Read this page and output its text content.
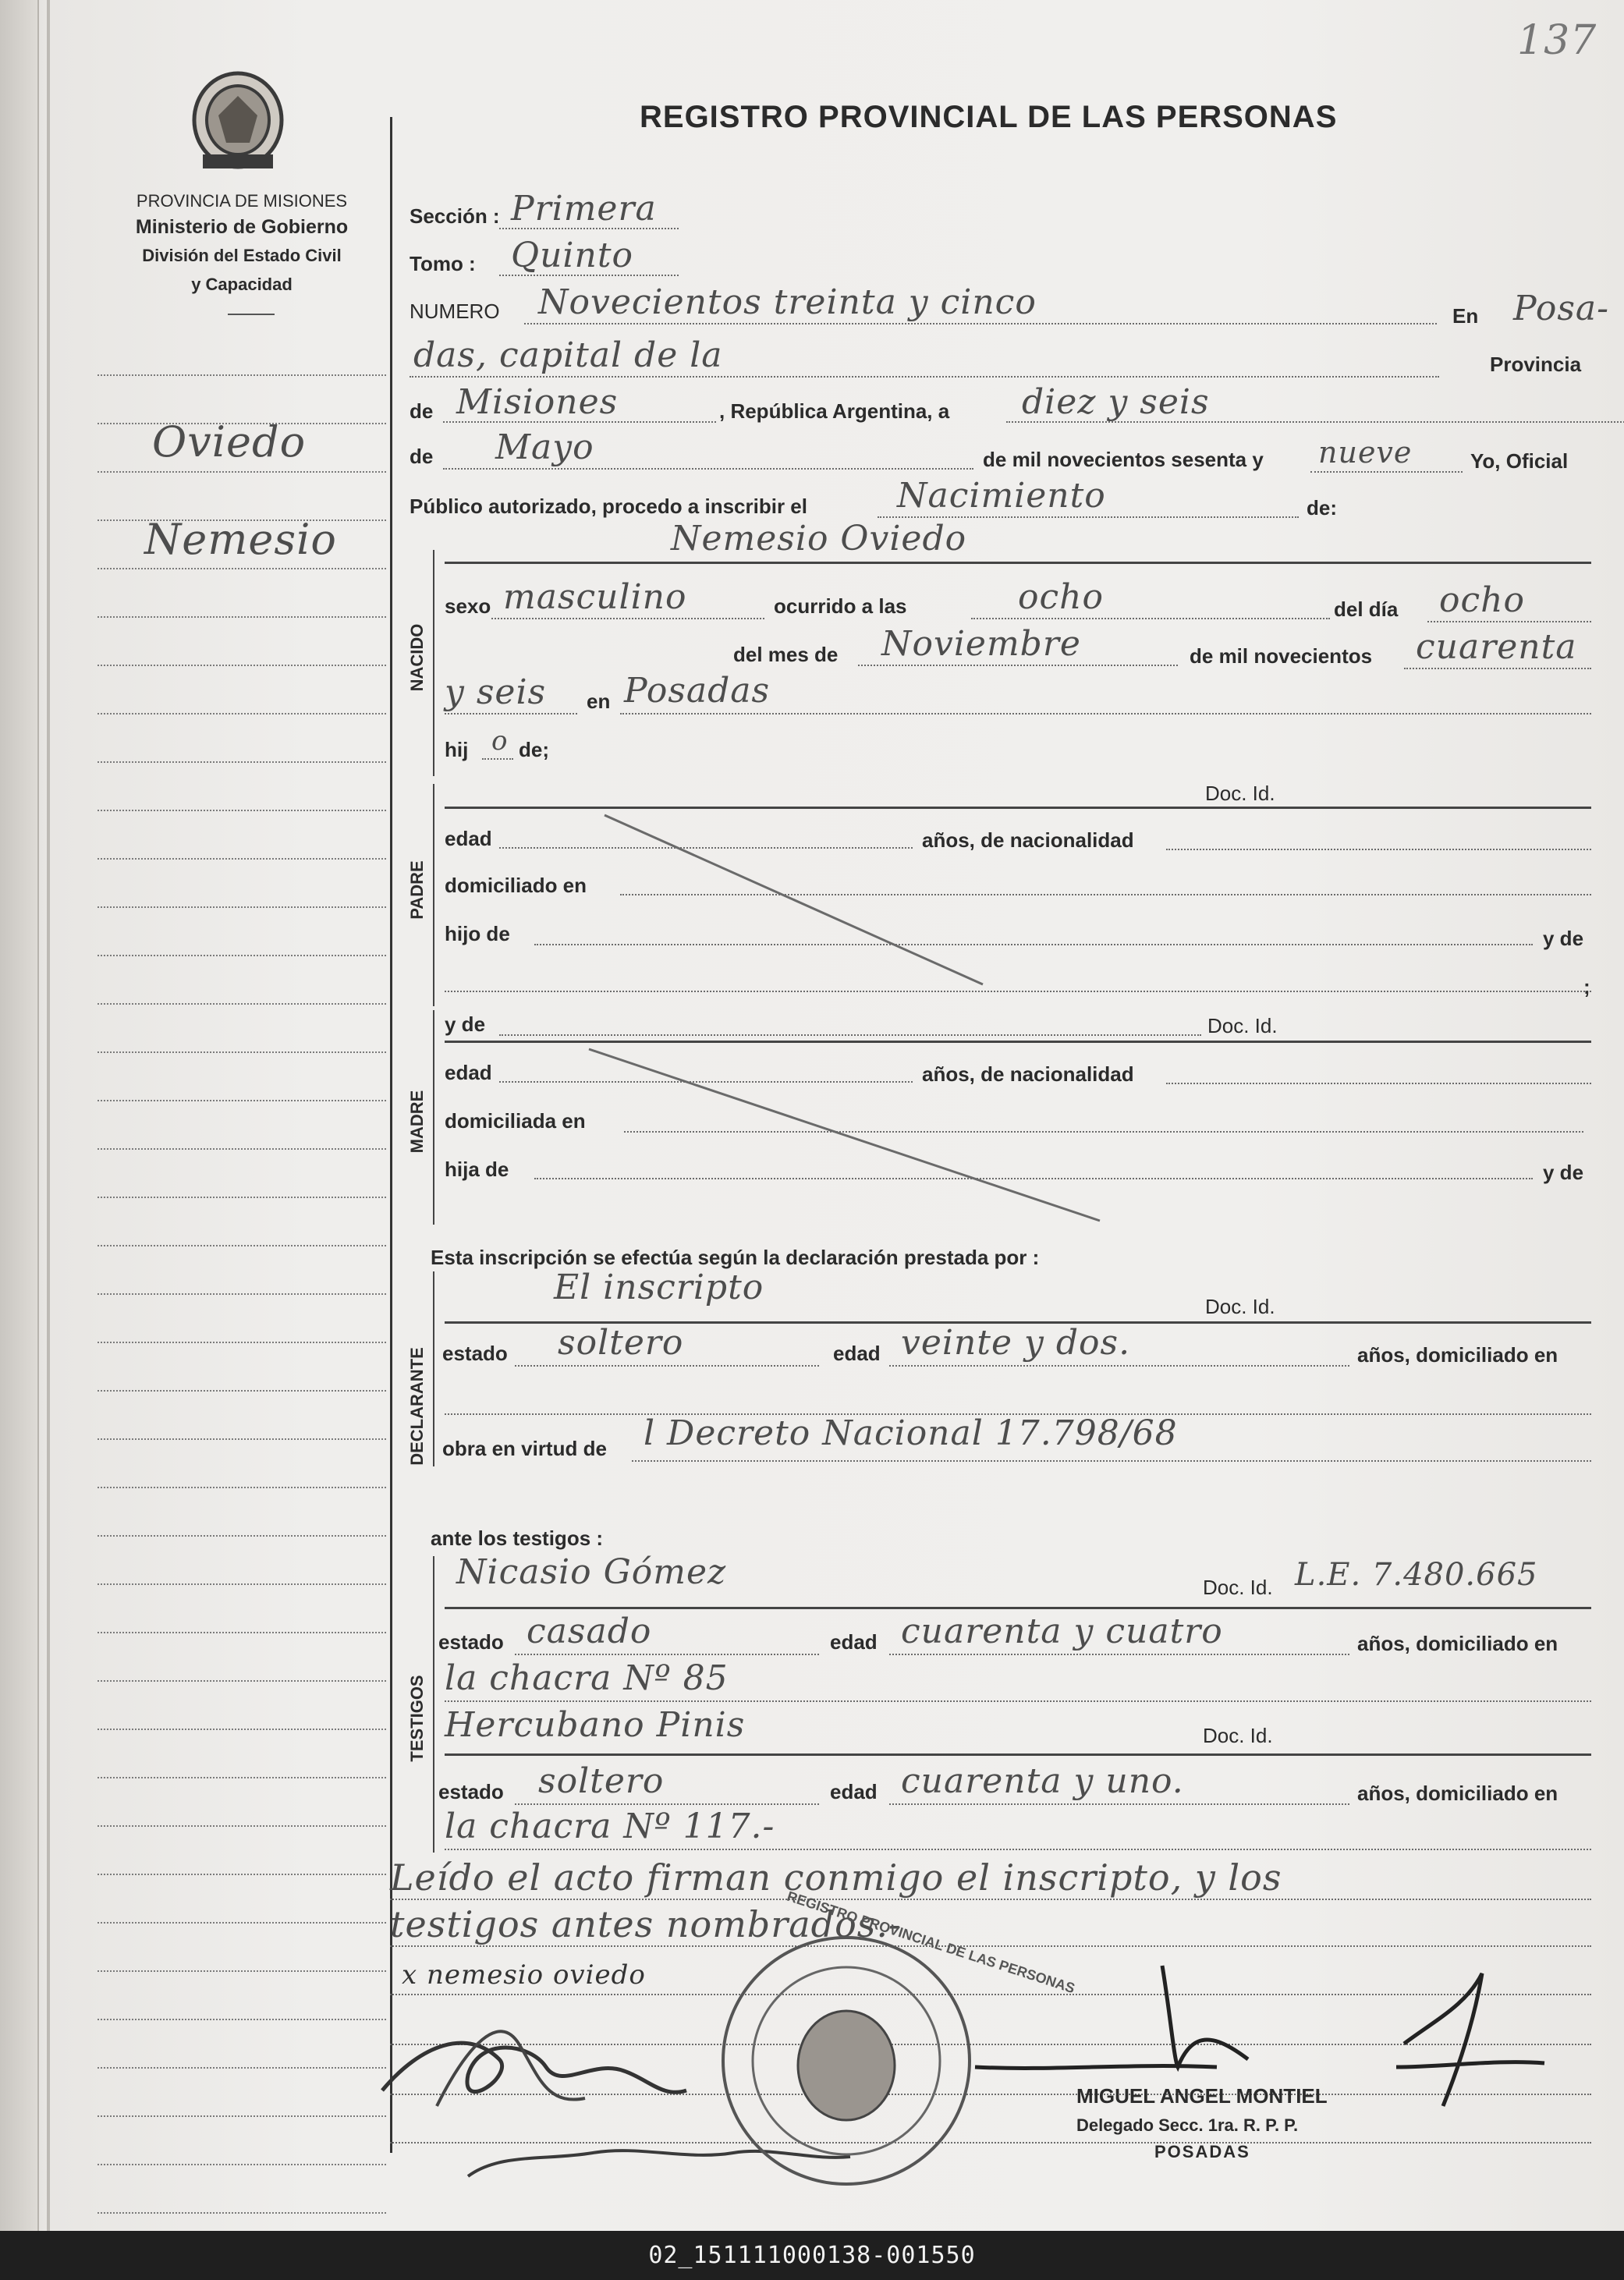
137
PROVINCIA DE MISIONES
Ministerio de Gobierno
División del Estado Civil
y Capacidad
REGISTRO PROVINCIAL DE LAS PERSONAS
Oviedo
Nemesio
Sección : Primera
Tomo : Quinto
NUMERO Novecientos treinta y cinco	En Posa-
das, capital de la	Provincia
de Misiones	, República Argentina, a diez y seis
de Mayo	de mil novecientos sesenta y nueve	Yo, Oficial
Público autorizado, procedo a inscribir el	Nacimiento	de:
NACIDO
Nemesio Oviedo
sexo masculino	ocurrido a las	ocho	del día ocho
del mes de Noviembre	de mil novecientos cuarenta
y seis en Posadas
hij o de;
PADRE
Doc. Id.
edad	años, de nacionalidad
domiciliado en
hijo de	y de
;
MADRE
y de	Doc. Id.
edad	años, de nacionalidad
domiciliada en
hija de	y de
Esta inscripción se efectúa según la declaración prestada por :
DECLARANTE
El inscripto	Doc. Id.
estado soltero	edad veinte y dos.	años, domiciliado en
obra en virtud de l Decreto Nacional 17.798/68
ante los testigos :
TESTIGOS
Nicasio Gómez	Doc. Id. L.E. 7.480.665
estado casado	edad cuarenta y cuatro	años, domiciliado en
la chacra Nº 85
Hercubano Pinis	Doc. Id.
estado soltero	edad cuarenta y uno.	años, domiciliado en
la chacra Nº 117.-
Leído el acto firman conmigo el inscripto, y los
testigos antes nombrados.-
x nemesio oviedo	REGISTRO PROVINCIAL DE LAS PERSONAS
MIGUEL ANGEL MONTIEL
Delegado Secc. 1ra. R. P. P.
POSADAS
02_151111000138-001550
